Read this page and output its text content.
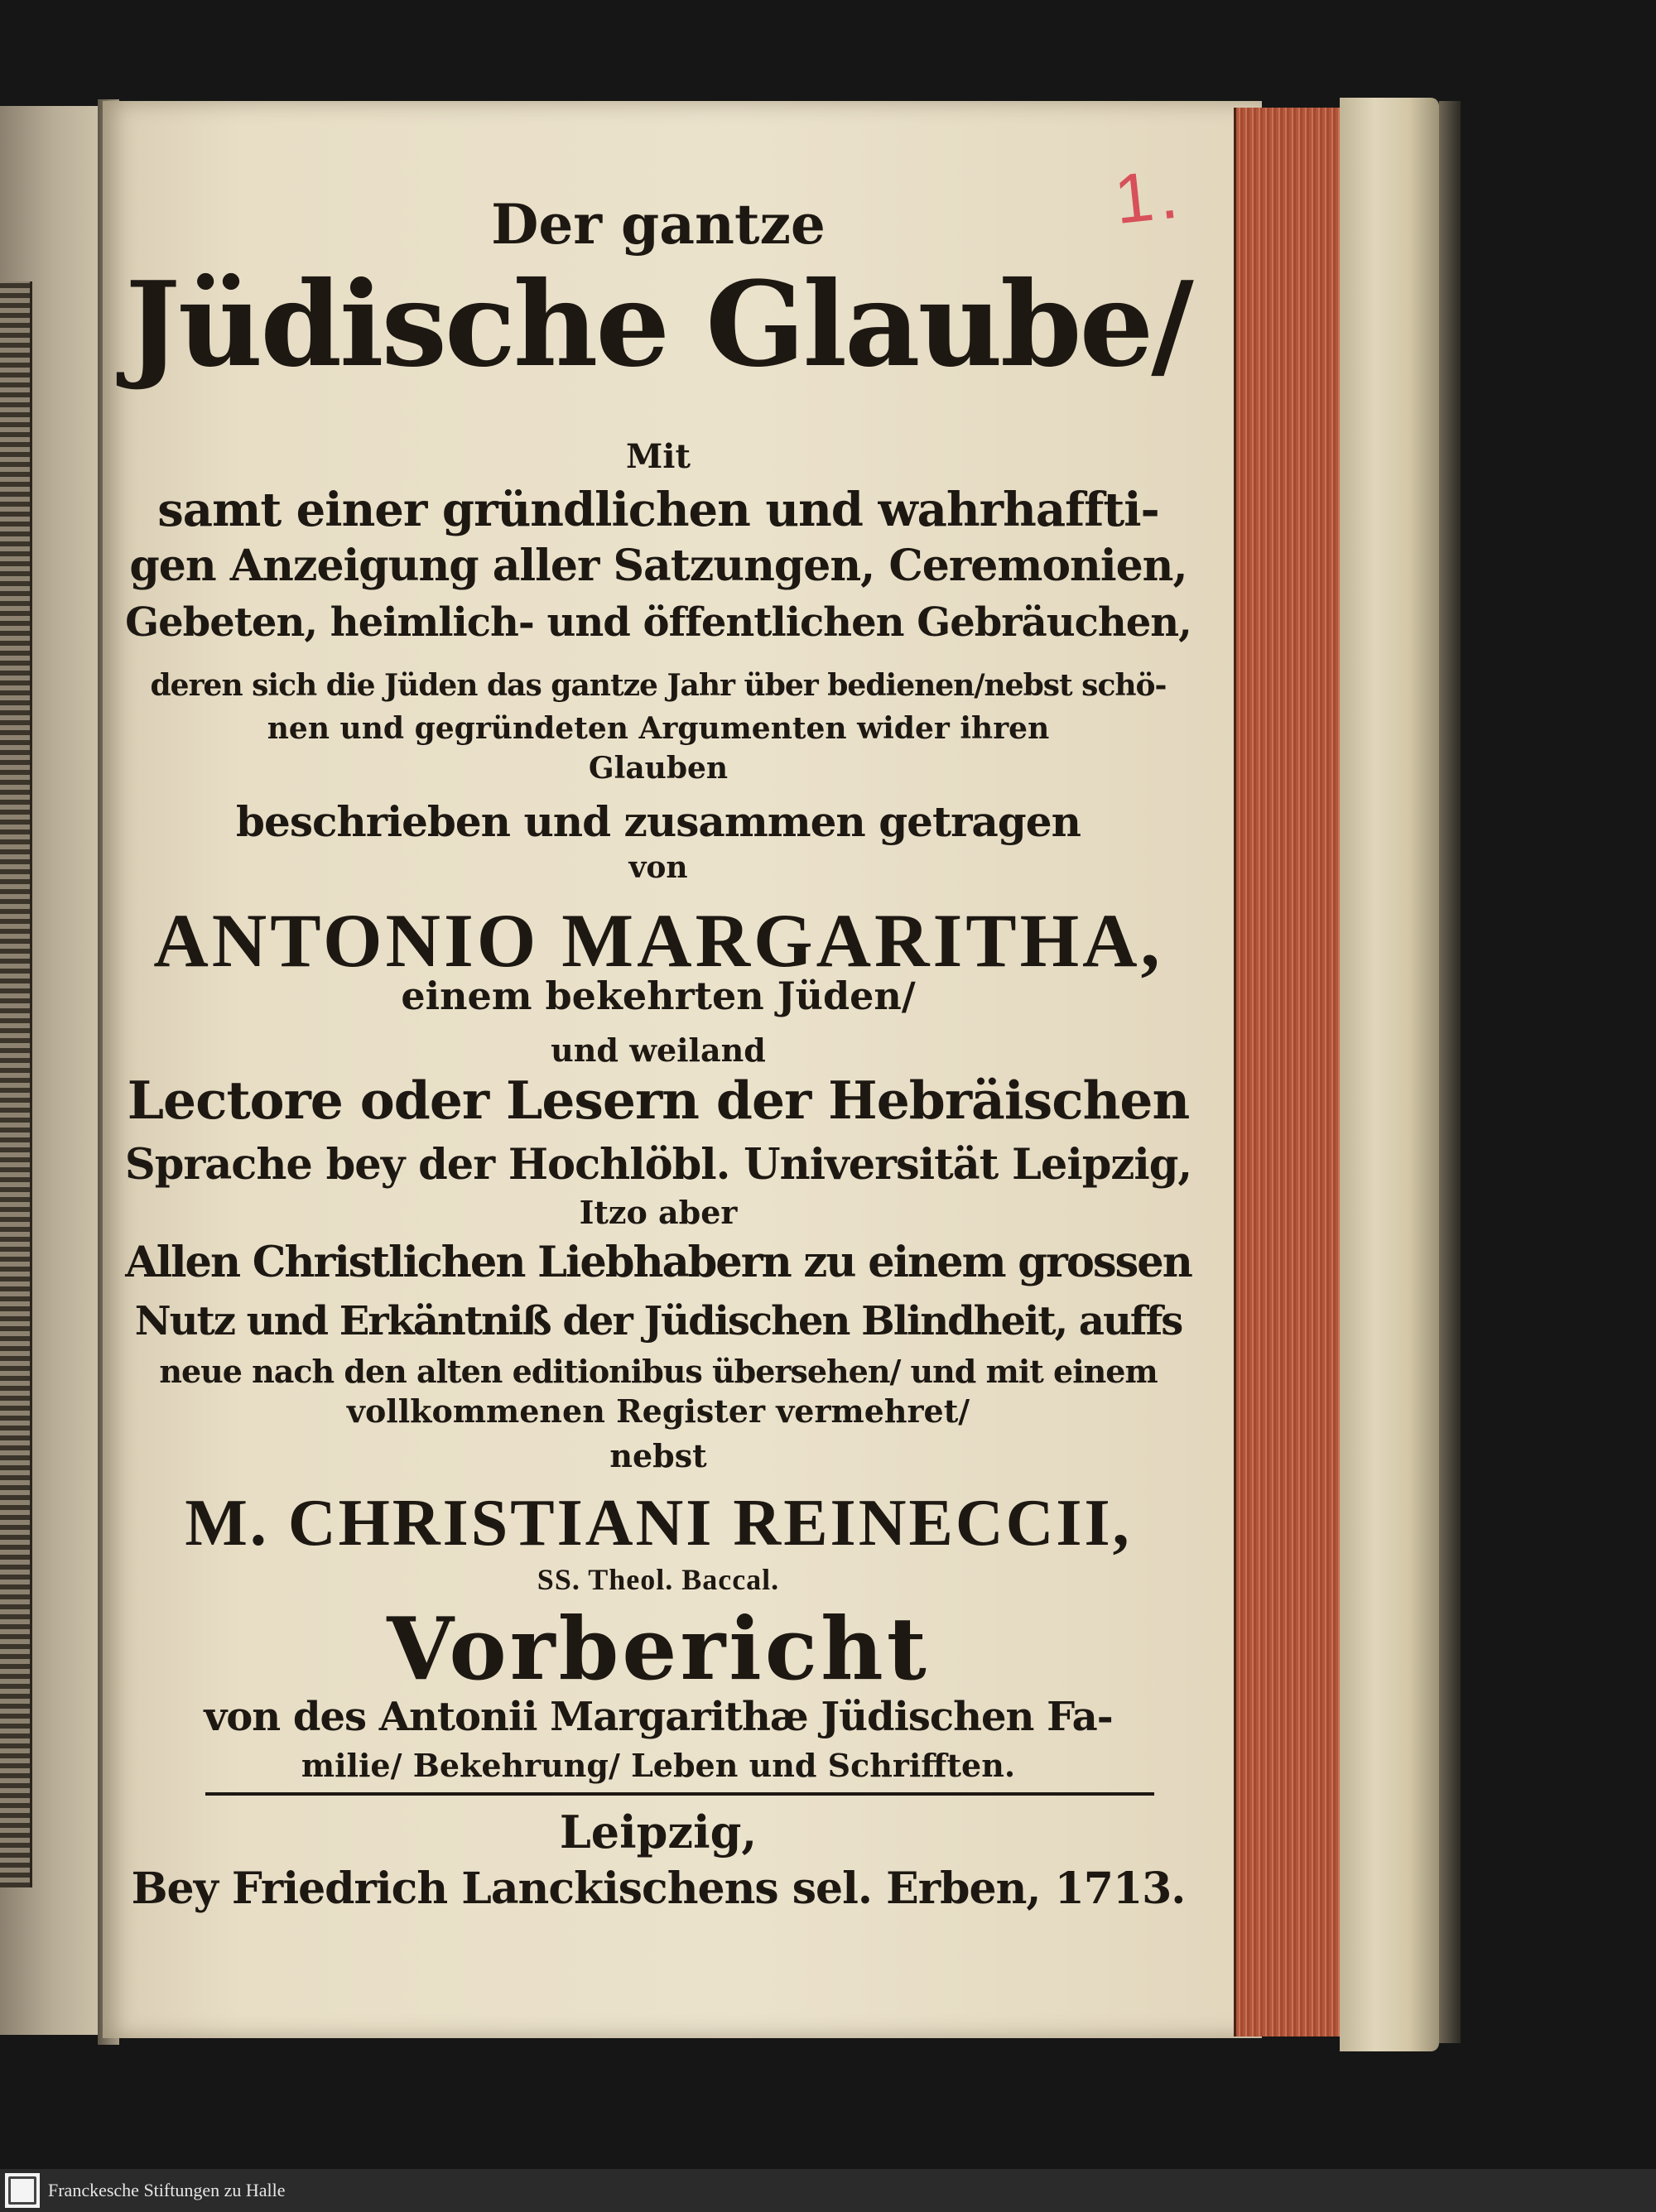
1.

Der gantze

Jüdische Glaube/

Mit

samt einer gründlichen und wahrhaffti-

gen Anzeigung aller Satzungen, Ceremonien,

Gebeten, heimlich- und öffentlichen Gebräuchen,

deren sich die Jüden das gantze Jahr über bedienen/nebst schö-

nen und gegründeten Argumenten wider ihren

Glauben

beschrieben und zusammen getragen

von

ANTONIO MARGARITHA,

einem bekehrten Jüden/

und weiland

Lectore oder Lesern der Hebräischen

Sprache bey der Hochlöbl. Universität Leipzig,

Itzo aber

Allen Christlichen Liebhabern zu einem grossen

Nutz und Erkäntniß der Jüdischen Blindheit, auffs

neue nach den alten editionibus übersehen/ und mit einem

vollkommenen Register vermehret/

nebst

M. CHRISTIANI REINECCII,

SS. Theol. Baccal.

Vorbericht

von des Antonii Margarithæ Jüdischen Fa-

milie/ Bekehrung/ Leben und Schrifften.

Leipzig,

Bey Friedrich Lanckischens sel. Erben, 1713.

Franckesche Stiftungen zu Halle
